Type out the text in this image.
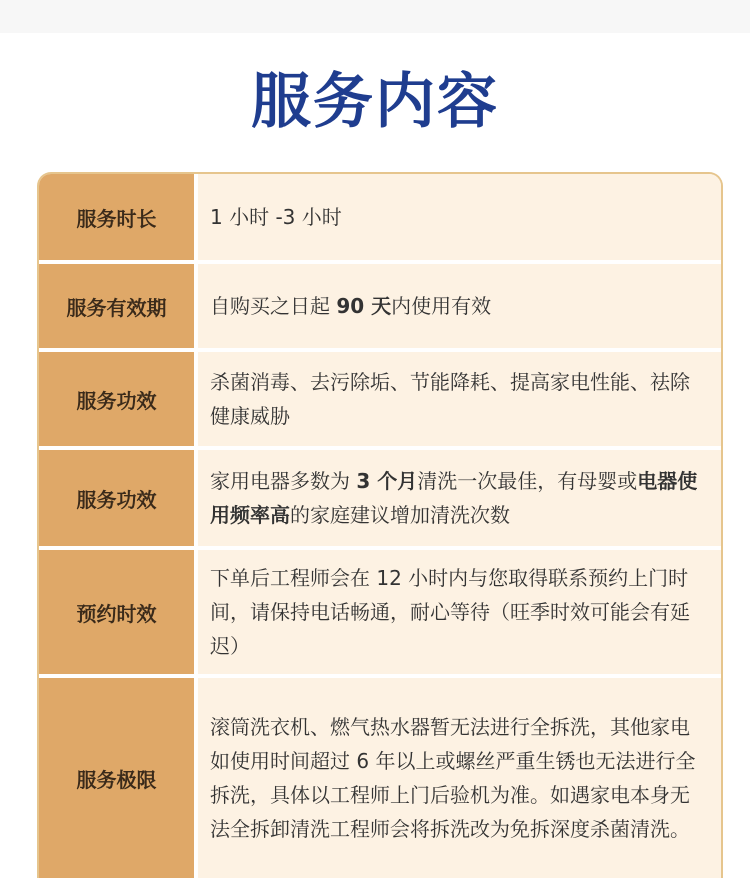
服务内容
服务时长	1 小时 -3 小时
服务有效期	自购买之日起 90 天内使用有效
服务功效
杀菌消毒、去污除垢、节能降耗、提高家电性能、祛除健康威胁
服务功效
家用电器多数为 3 个月清洗一次最佳，有母婴或电器使用频率高的家庭建议增加清洗次数
预约时效
下单后工程师会在 12 小时内与您取得联系预约上门时间，请保持电话畅通，耐心等待（旺季时效可能会有延迟）
服务极限
滚筒洗衣机、燃气热水器暂无法进行全拆洗，其他家电如使用时间超过 6 年以上或螺丝严重生锈也无法进行全拆洗，具体以工程师上门后验机为准。如遇家电本身无法全拆卸清洗工程师会将拆洗改为免拆深度杀菌清洗。
